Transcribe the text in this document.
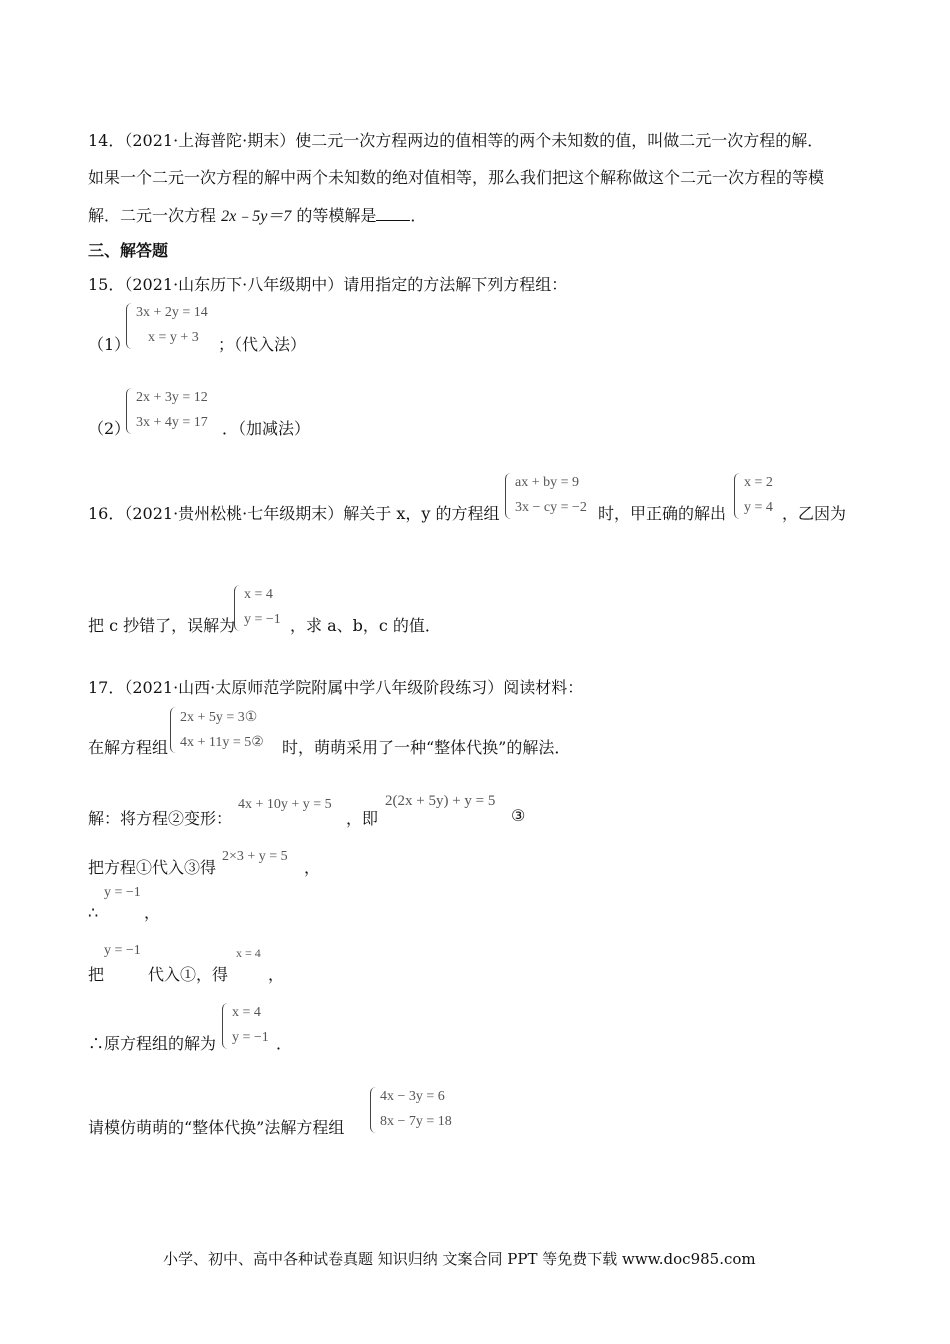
14．（2021·上海普陀·期末）使二元一次方程两边的值相等的两个未知数的值，叫做二元一次方程的解．
如果一个二元一次方程的解中两个未知数的绝对值相等，那么我们把这个解称做这个二元一次方程的等模
解．二元一次方程 2x﹣5y＝7 的等模解是 ．
三、解答题
15．（2021·山东历下·八年级期中）请用指定的方法解下列方程组：
（1）
3x + 2y = 14
x = y + 3 ；（代入法）
（2）
2x + 3y = 12
3x + 4y = 17 ．（加减法）
16．（2021·贵州松桃·七年级期末）解关于 x，y 的方程组
ax + by = 9
3x − cy = −2 时，甲正确的解出
x = 2
y = 4 ，乙因为
把 c 抄错了，误解为
x = 4
y = −1 ，求 a、b，c 的值．
17．（2021·山西·太原师范学院附属中学八年级阶段练习）阅读材料：
在解方程组
2x + 5y = 3①
4x + 11y = 5② 时，萌萌采用了一种“整体代换”的解法．
解：将方程②变形：
4x + 10y + y = 5
，即
2(2x + 5y) + y = 5
③
把方程①代入③得
2×3 + y = 5
，
∴
y = −1
，
把
y = −1
代入①，得
x = 4
，
∴原方程组的解为
x = 4
y = −1 ．
请模仿萌萌的“整体代换”法解方程组
4x − 3y = 6
8x − 7y = 18
小学、初中、高中各种试卷真题 知识归纳 文案合同 PPT 等免费下载 www.doc985.com
